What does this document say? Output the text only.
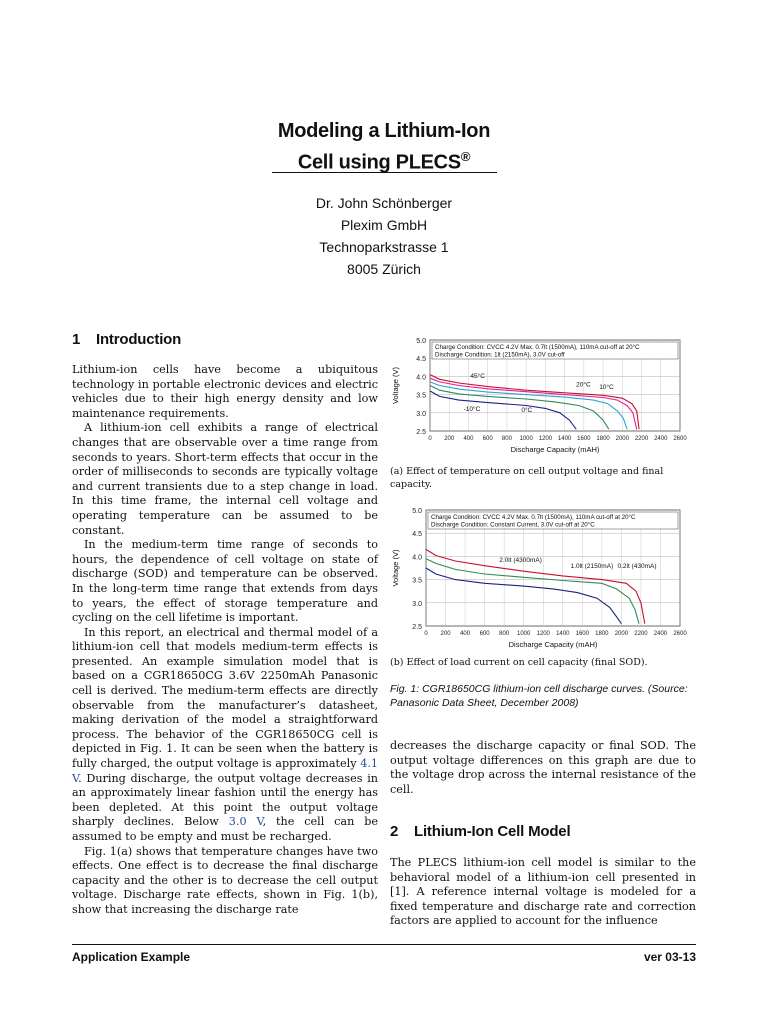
Modeling a Lithium-Ion
Cell using PLECS®
Dr. John Schönberger
Plexim GmbH
Technoparkstrasse 1
8005 Zürich
1 Introduction

Lithium-ion cells have become a ubiquitous technology in portable electronic devices and electric vehicles due to their high energy density and low maintenance requirements.

A lithium-ion cell exhibits a range of electrical changes that are observable over a time range from seconds to years. Short-term effects that occur in the order of milliseconds to seconds are typically voltage and current transients due to a step change in load. In this time frame, the internal cell voltage and operating temperature can be assumed to be constant.

In the medium-term time range of seconds to hours, the dependence of cell voltage on state of discharge (SOD) and temperature can be observed. In the long-term time range that extends from days to years, the effect of storage temperature and cycling on the cell lifetime is important.

In this report, an electrical and thermal model of a lithium-ion cell that models medium-term effects is presented. An example simulation model that is based on a CGR18650CG 3.6V 2250mAh Panasonic cell is derived. The medium-term effects are directly observable from the manufacturer’s datasheet, making derivation of the model a straightforward process. The behavior of the CGR18650CG cell is depicted in Fig. 1. It can be seen when the battery is fully charged, the output voltage is approximately 4.1 V. During discharge, the output voltage decreases in an approximately linear fashion until the energy has been depleted. At this point the output voltage sharply declines. Below 3.0 V, the cell can be assumed to be empty and must be recharged.

Fig. 1(a) shows that temperature changes have two effects. One effect is to decrease the final discharge capacity and the other is to decrease the cell output voltage. Discharge rate effects, shown in Fig. 1(b), show that increasing the discharge rate

2.5
3.0
3.5
4.0
4.5
5.0
0 200 400 600 800 1000 1200 1400 1600 1800 2000 2200 2400 2600
Discharge Capacity (mAH)
Voltage (V)
Charge Condition: CVCC 4.2V Max. 0.7lt (1500mA), 110mA cut-off at 20°C
Discharge Condition: 1lt (2150mA), 3.0V cut-off
45°C
20°C 10°C
-10°C	0°C
(a) Effect of temperature on cell output voltage and final capacity.
2.5
3.0
3.5
4.0
4.5
5.0
0 200 400 600 800 1000 1200 1400 1600 1800 2000 2200 2400 2600
Discharge Capacity (mAH)
Voltage (V)
Charge Condition: CVCC 4.2V Max. 0.7lt (1500mA), 110mA cut-off at 20°C
Discharge Condition: Constant Current, 3.0V cut-off at 20°C
2.0lt (4300mA)
1.0lt (2150mA) 0.2lt (430mA)
(b) Effect of load current on cell capacity (final SOD).
Fig. 1: CGR18650CG lithium-ion cell discharge curves. (Source: Panasonic Data Sheet, December 2008)

decreases the discharge capacity or final SOD. The output voltage differences on this graph are due to the voltage drop across the internal resistance of the cell.

2 Lithium-Ion Cell Model

The PLECS lithium-ion cell model is similar to the behavioral model of a lithium-ion cell presented in [1]. A reference internal voltage is modeled for a fixed temperature and discharge rate and correction factors are applied to account for the influence

Application Example	ver 03-13
